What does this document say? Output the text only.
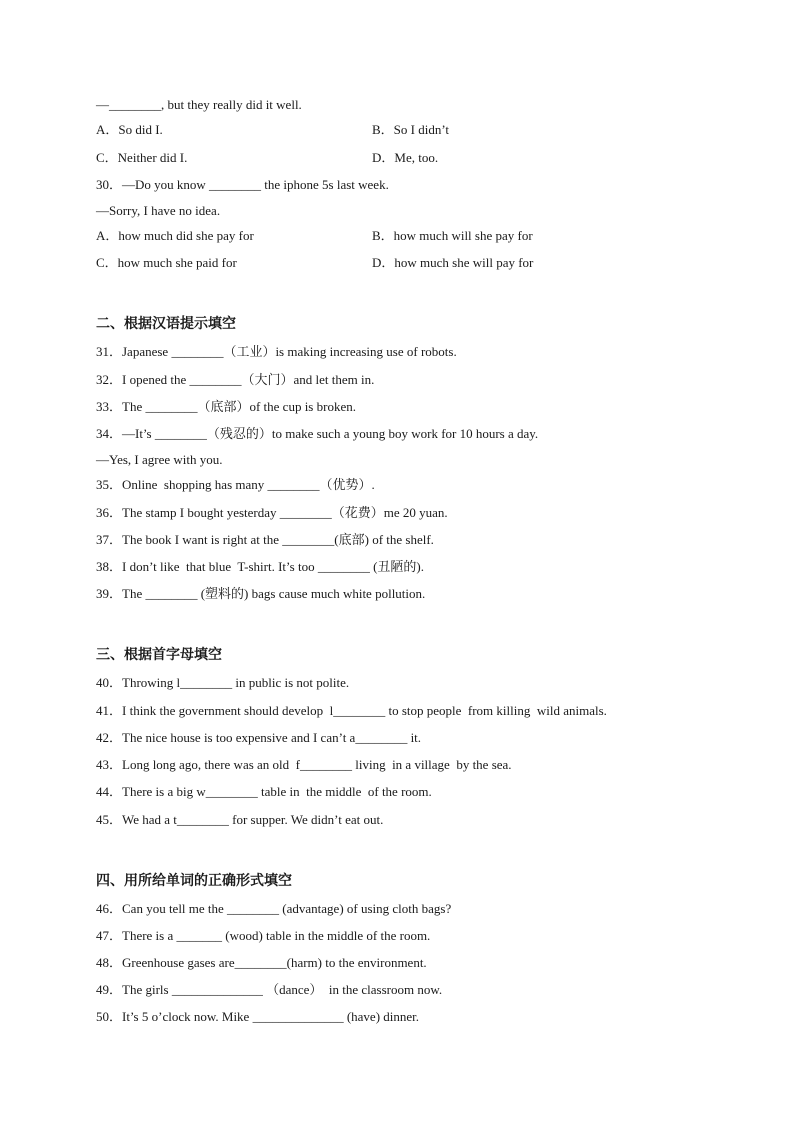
—________, but they really did it well.
A．So did I.	B．So I didn’t
C．Neither did I.	D．Me, too.
30．—Do you know ________ the iphone 5s last week.
—Sorry, I have no idea.
A．how much did she pay for	B．how much will she pay for
C．how much she paid for	D．how much she will pay for
二、根据汉语提示填空
31．Japanese ________（工业）is making increasing use of robots.
32．I opened the ________（大门）and let them in.
33．The ________（底部）of the cup is broken.
34．—It’s ________（残忍的）to make such a young boy work for 10 hours a day.
—Yes, I agree with you.
35．Online  shopping has many ________（优势）.
36．The stamp I bought yesterday ________（花费）me 20 yuan.
37．The book I want is right at the ________(底部) of the shelf.
38．I don’t like  that blue  T-shirt. It’s too ________ (丑陋的).
39．The ________ (塑料的) bags cause much white pollution.
三、根据首字母填空
40．Throwing l________ in public is not polite.
41．I think the government should develop  l________ to stop people  from killing  wild animals.
42．The nice house is too expensive and I can’t a________ it.
43．Long long ago, there was an old  f________ living  in a village  by the sea.
44．There is a big w________ table in  the middle  of the room.
45．We had a t________ for supper. We didn’t eat out.
四、用所给单词的正确形式填空
46．Can you tell me the ________ (advantage) of using cloth bags?
47．There is a _______ (wood) table in the middle of the room.
48．Greenhouse gases are________(harm) to the environment.
49．The girls ______________ （dance）  in the classroom now.
50．It’s 5 o’clock now. Mike ______________ (have) dinner.
